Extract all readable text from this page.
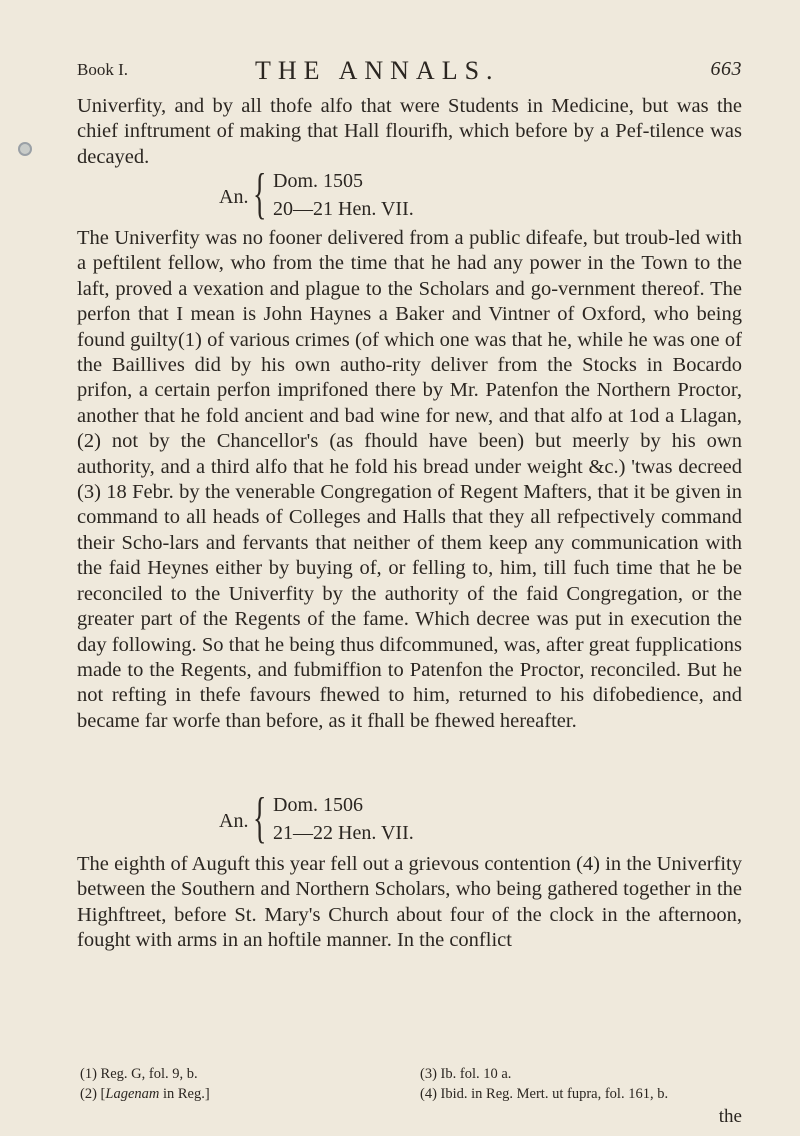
Book I.	THE ANNALS.	663

Univerfity, and by all thofe alfo that were Students in Medicine, but was the chief inftrument of making that Hall flourifh, which before by a Pef-tilence was decayed.

An. { Dom. 1505
20—21 Hen. VII.

The Univerfity was no fooner delivered from a public difeafe, but troub-led with a peftilent fellow, who from the time that he had any power in the Town to the laft, proved a vexation and plague to the Scholars and go-vernment thereof. The perfon that I mean is John Haynes a Baker and Vintner of Oxford, who being found guilty(1) of various crimes (of which one was that he, while he was one of the Baillives did by his own autho-rity deliver from the Stocks in Bocardo prifon, a certain perfon imprifoned there by Mr. Patenfon the Northern Proctor, another that he fold ancient and bad wine for new, and that alfo at 1od a Llagan,(2) not by the Chancellor's (as fhould have been) but meerly by his own authority, and a third alfo that he fold his bread under weight &c.) 'twas decreed (3) 18 Febr. by the venerable Congregation of Regent Mafters, that it be given in command to all heads of Colleges and Halls that they all refpectively command their Scho-lars and fervants that neither of them keep any communication with the faid Heynes either by buying of, or felling to, him, till fuch time that he be reconciled to the Univerfity by the authority of the faid Congregation, or the greater part of the Regents of the fame. Which decree was put in execution the day following. So that he being thus difcommuned, was, after great fupplications made to the Regents, and fubmiffion to Patenfon the Proctor, reconciled. But he not refting in thefe favours fhewed to him, returned to his difobedience, and became far worfe than before, as it fhall be fhewed hereafter.

An. { Dom. 1506
21—22 Hen. VII.

The eighth of Auguft this year fell out a grievous contention (4) in the Univerfity between the Southern and Northern Scholars, who being gathered together in the Highftreet, before St. Mary's Church about four of the clock in the afternoon, fought with arms in an hoftile manner. In the conflict

(1) Reg. G, fol. 9, b.
(2) [Lagenam in Reg.]
(3) Ib. fol. 10 a.
(4) Ibid. in Reg. Mert. ut fupra, fol. 161, b.
the
